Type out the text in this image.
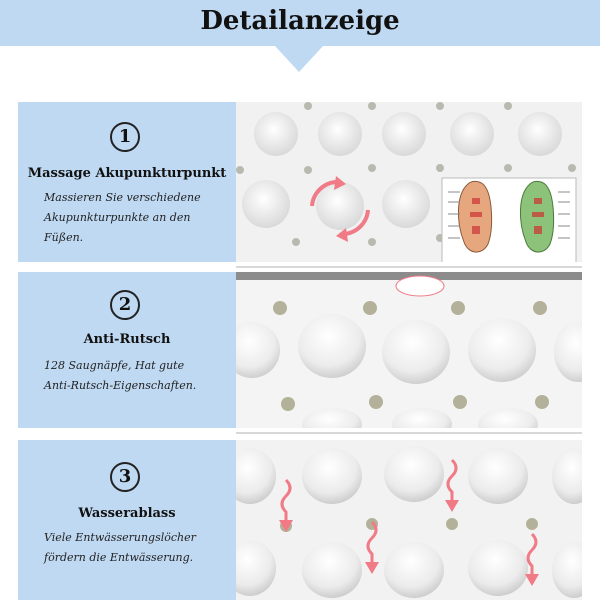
Detailanzeige
1
Massage Akupunkturpunkt
Massieren Sie verschiedene
Akupunkturpunkte an den
Füßen.
2
Anti-Rutsch
128 Saugnäpfe, Hat gute
Anti-Rutsch-Eigenschaften.
3
Wasserablass
Viele Entwässerungslöcher
fördern die Entwässerung.
